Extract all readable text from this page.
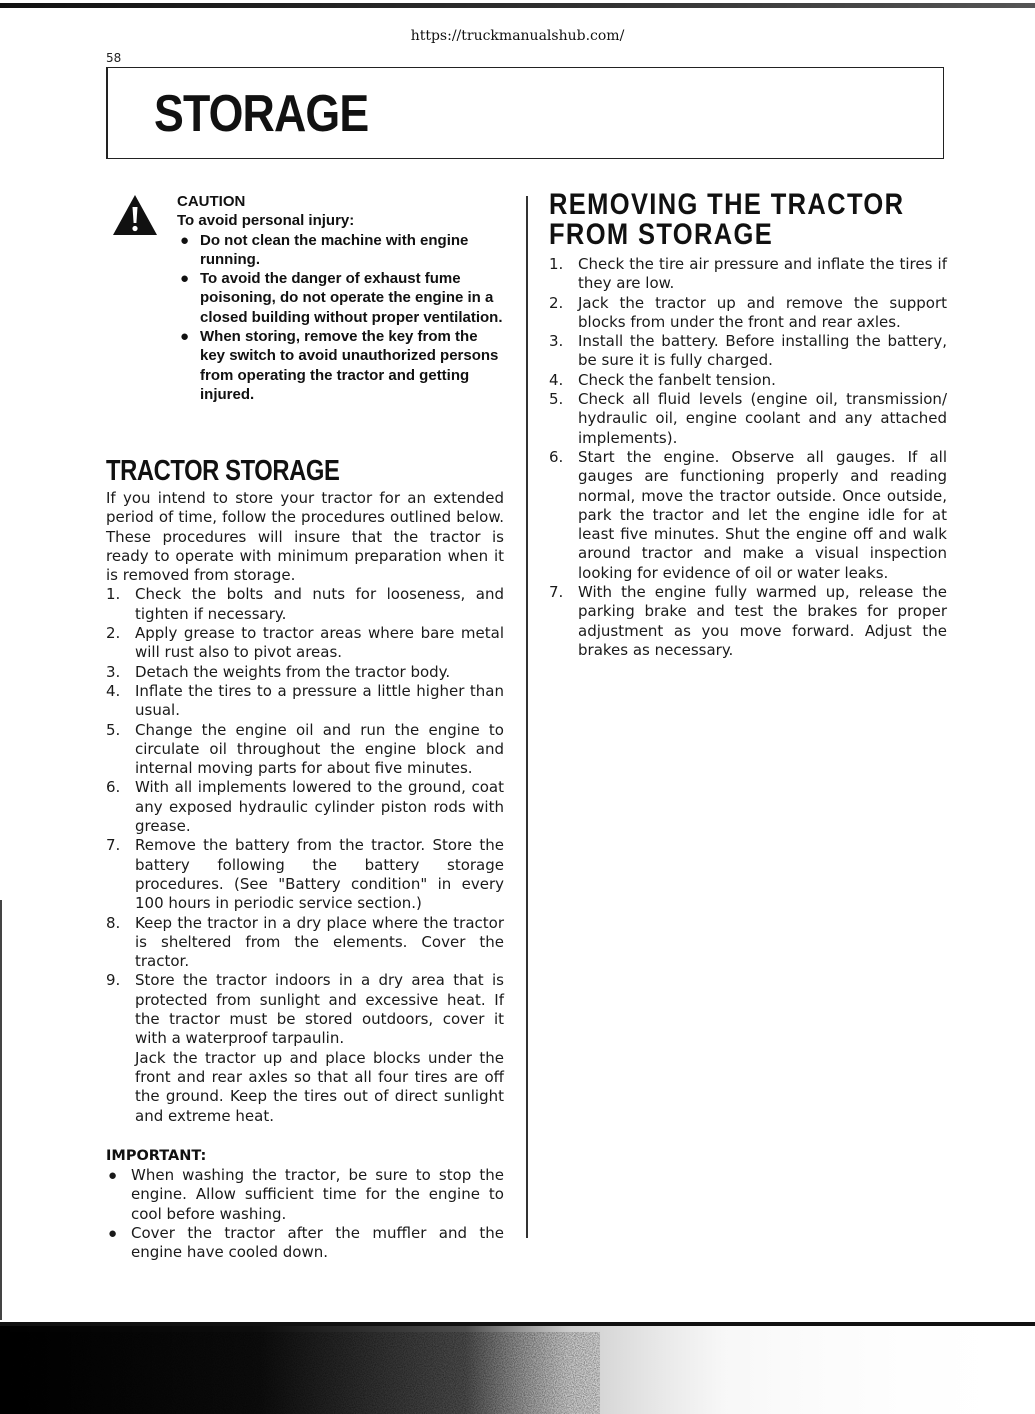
https://truckmanualshub.com/
58
STORAGE
CAUTION
To avoid personal injury:
● Do not clean the machine with engine running.
● To avoid the danger of exhaust fume poisoning, do not operate the engine in a closed building without proper ventilation.
● When storing, remove the key from the key switch to avoid unauthorized persons from operating the tractor and getting injured.
TRACTOR STORAGE

If you intend to store your tractor for an extended period of time, follow the procedures outlined below. These procedures will insure that the tractor is ready to operate with minimum preparation when it is removed from storage.

1. Check the bolts and nuts for looseness, and tighten if necessary.
2. Apply grease to tractor areas where bare metal will rust also to pivot areas.
3. Detach the weights from the tractor body.
4. Inflate the tires to a pressure a little higher than usual.
5. Change the engine oil and run the engine to circulate oil throughout the engine block and internal moving parts for about five minutes.
6. With all implements lowered to the ground, coat any exposed hydraulic cylinder piston rods with grease.
7. Remove the battery from the tractor. Store the battery following the battery storage procedures. (See "Battery condition" in every 100 hours in periodic service section.)
8. Keep the tractor in a dry place where the tractor is sheltered from the elements. Cover the tractor.
9. Store the tractor indoors in a dry area that is protected from sunlight and excessive heat. If the tractor must be stored outdoors, cover it with a waterproof tarpaulin.
Jack the tractor up and place blocks under the front and rear axles so that all four tires are off the ground. Keep the tires out of direct sunlight and extreme heat.
IMPORTANT:
● When washing the tractor, be sure to stop the engine. Allow sufficient time for the engine to cool before washing.
● Cover the tractor after the muffler and the engine have cooled down.
REMOVING THE TRACTOR FROM STORAGE
1. Check the tire air pressure and inflate the tires if they are low.
2. Jack the tractor up and remove the support blocks from under the front and rear axles.
3. Install the battery. Before installing the battery, be sure it is fully charged.
4. Check the fanbelt tension.
5. Check all fluid levels (engine oil, transmission/ hydraulic oil, engine coolant and any attached implements).
6. Start the engine. Observe all gauges. If all gauges are functioning properly and reading normal, move the tractor outside. Once outside, park the tractor and let the engine idle for at least five minutes. Shut the engine off and walk around tractor and make a visual inspection looking for evidence of oil or water leaks.
7. With the engine fully warmed up, release the parking brake and test the brakes for proper adjustment as you move forward. Adjust the brakes as necessary.
